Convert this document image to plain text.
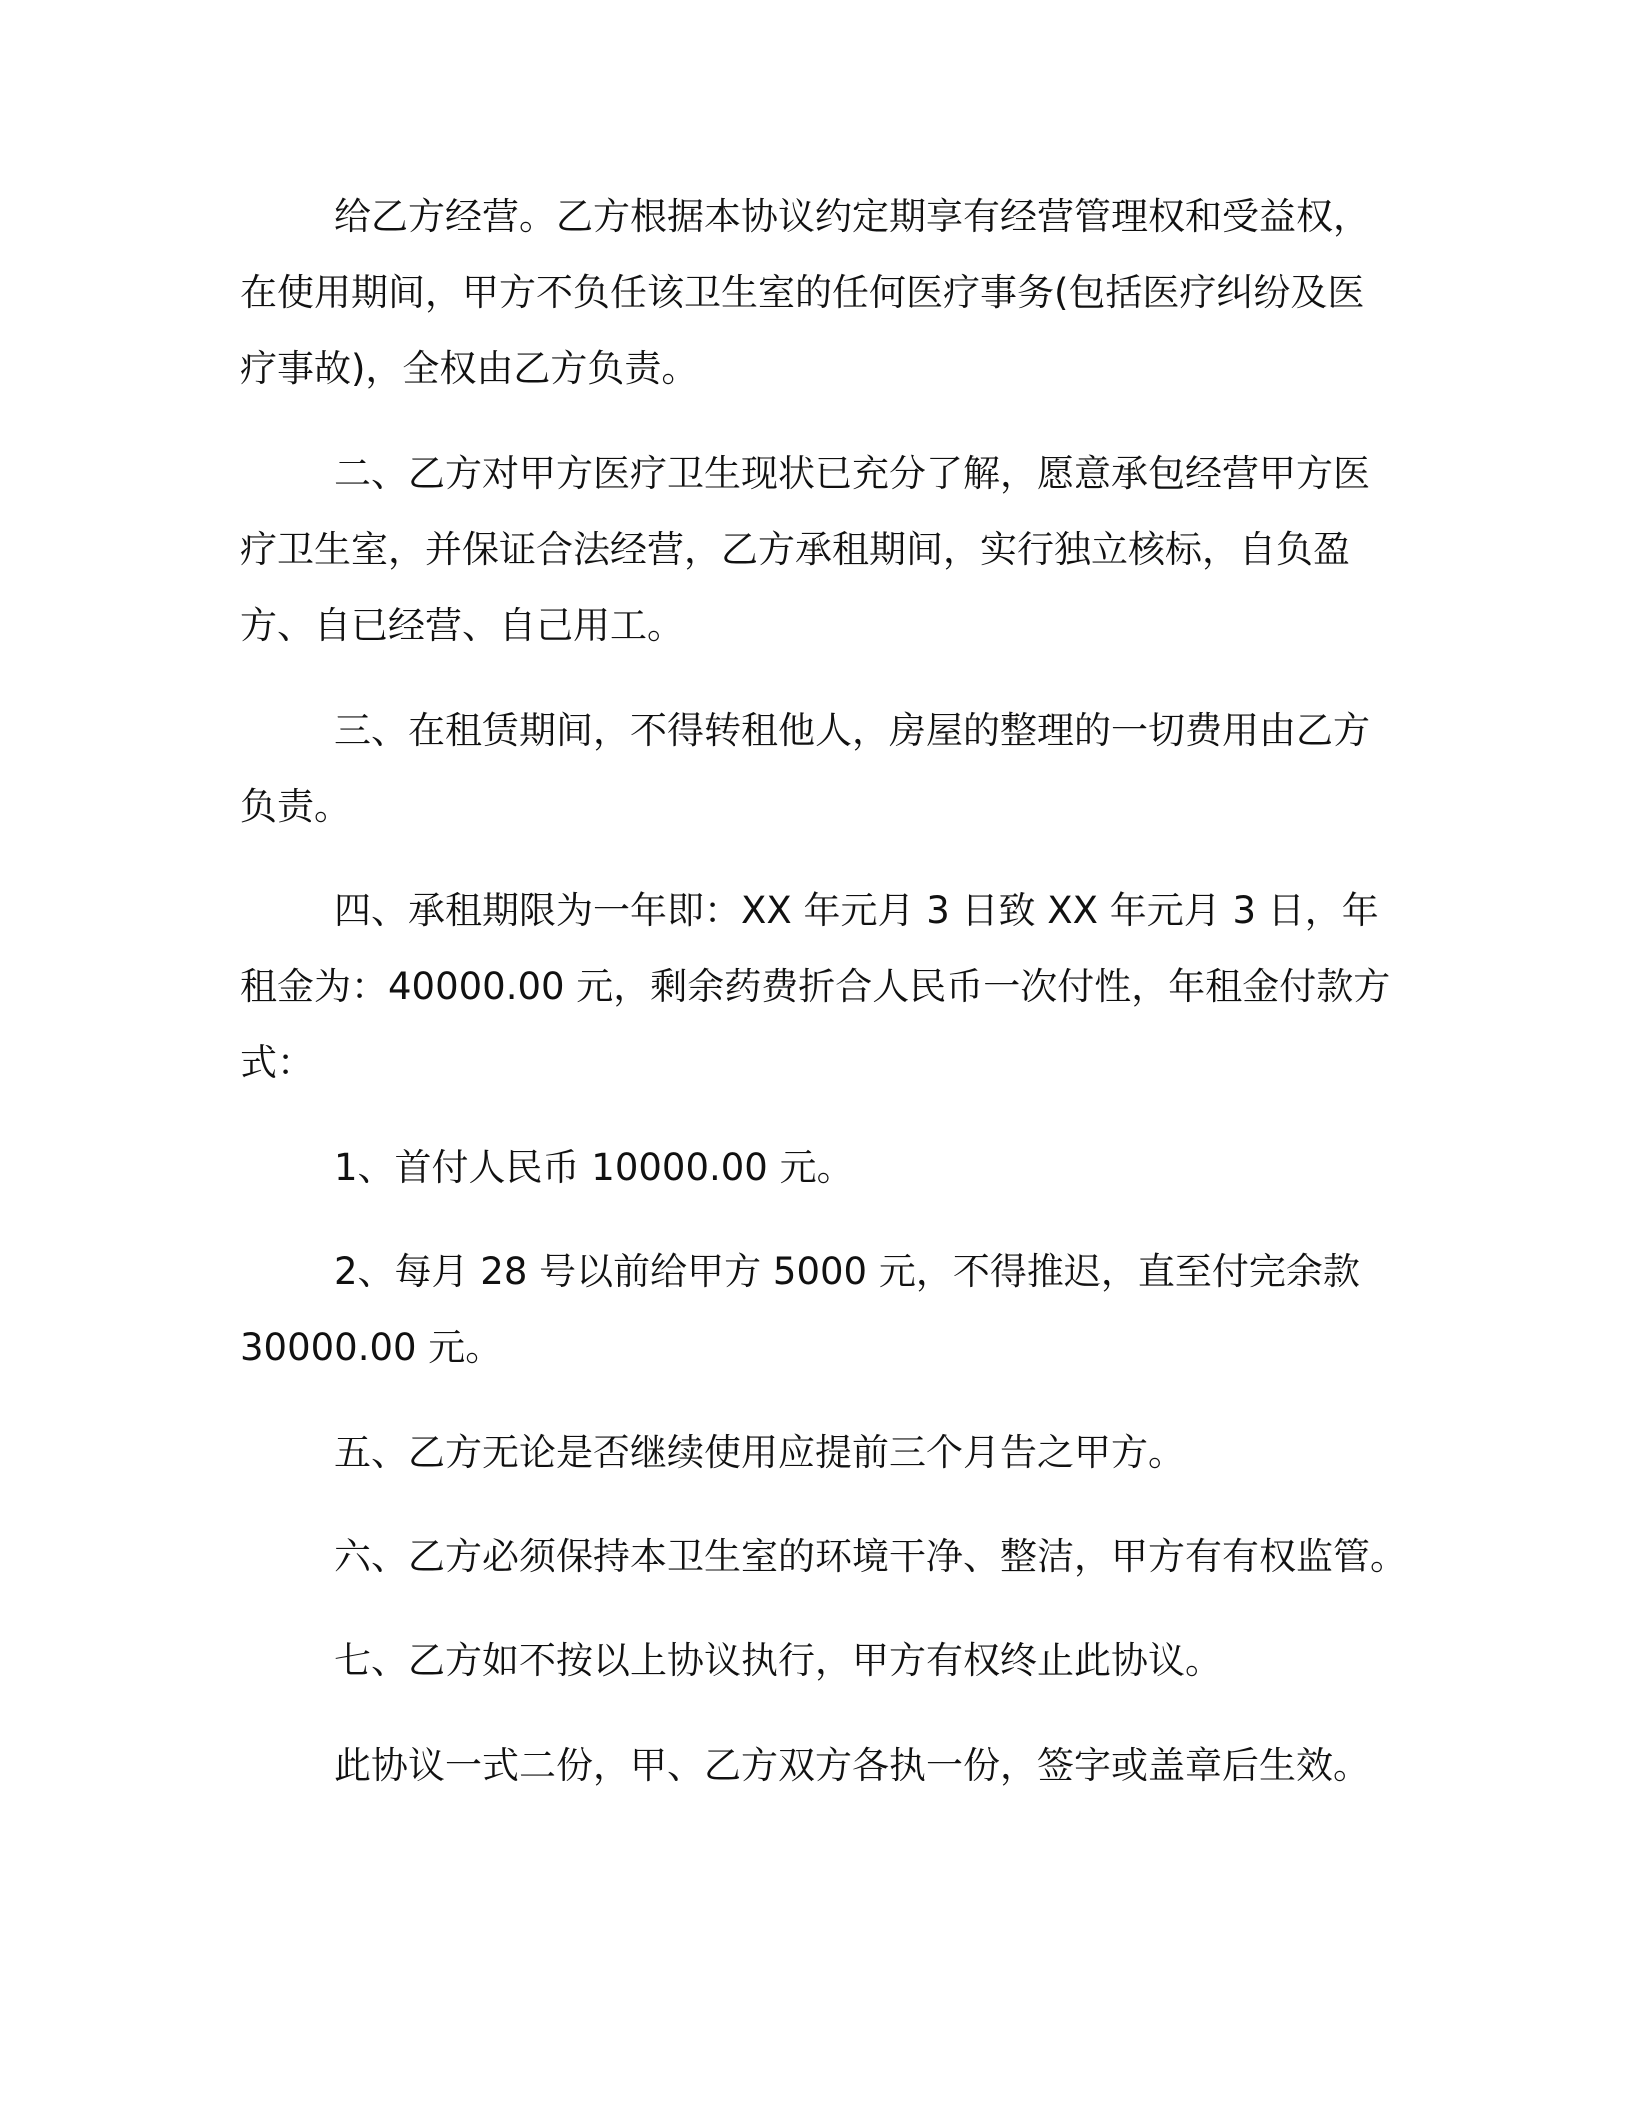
给乙方经营。乙方根据本协议约定期享有经营管理权和受益权，
在使用期间，甲方不负任该卫生室的任何医疗事务(包括医疗纠纷及医
疗事故)，全权由乙方负责。
二、乙方对甲方医疗卫生现状已充分了解，愿意承包经营甲方医
疗卫生室，并保证合法经营，乙方承租期间，实行独立核标，自负盈
方、自已经营、自己用工。
三、在租赁期间，不得转租他人，房屋的整理的一切费用由乙方
负责。
四、承租期限为一年即：XX 年元月 3 日致 XX 年元月 3 日，年
租金为：40000.00 元，剩余药费折合人民币一次付性，年租金付款方
式：
1、首付人民币 10000.00 元。
2、每月 28 号以前给甲方 5000 元，不得推迟，直至付完余款
30000.00 元。
五、乙方无论是否继续使用应提前三个月告之甲方。
六、乙方必须保持本卫生室的环境干净、整洁，甲方有有权监管。
七、乙方如不按以上协议执行，甲方有权终止此协议。
此协议一式二份，甲、乙方双方各执一份，签字或盖章后生效。
